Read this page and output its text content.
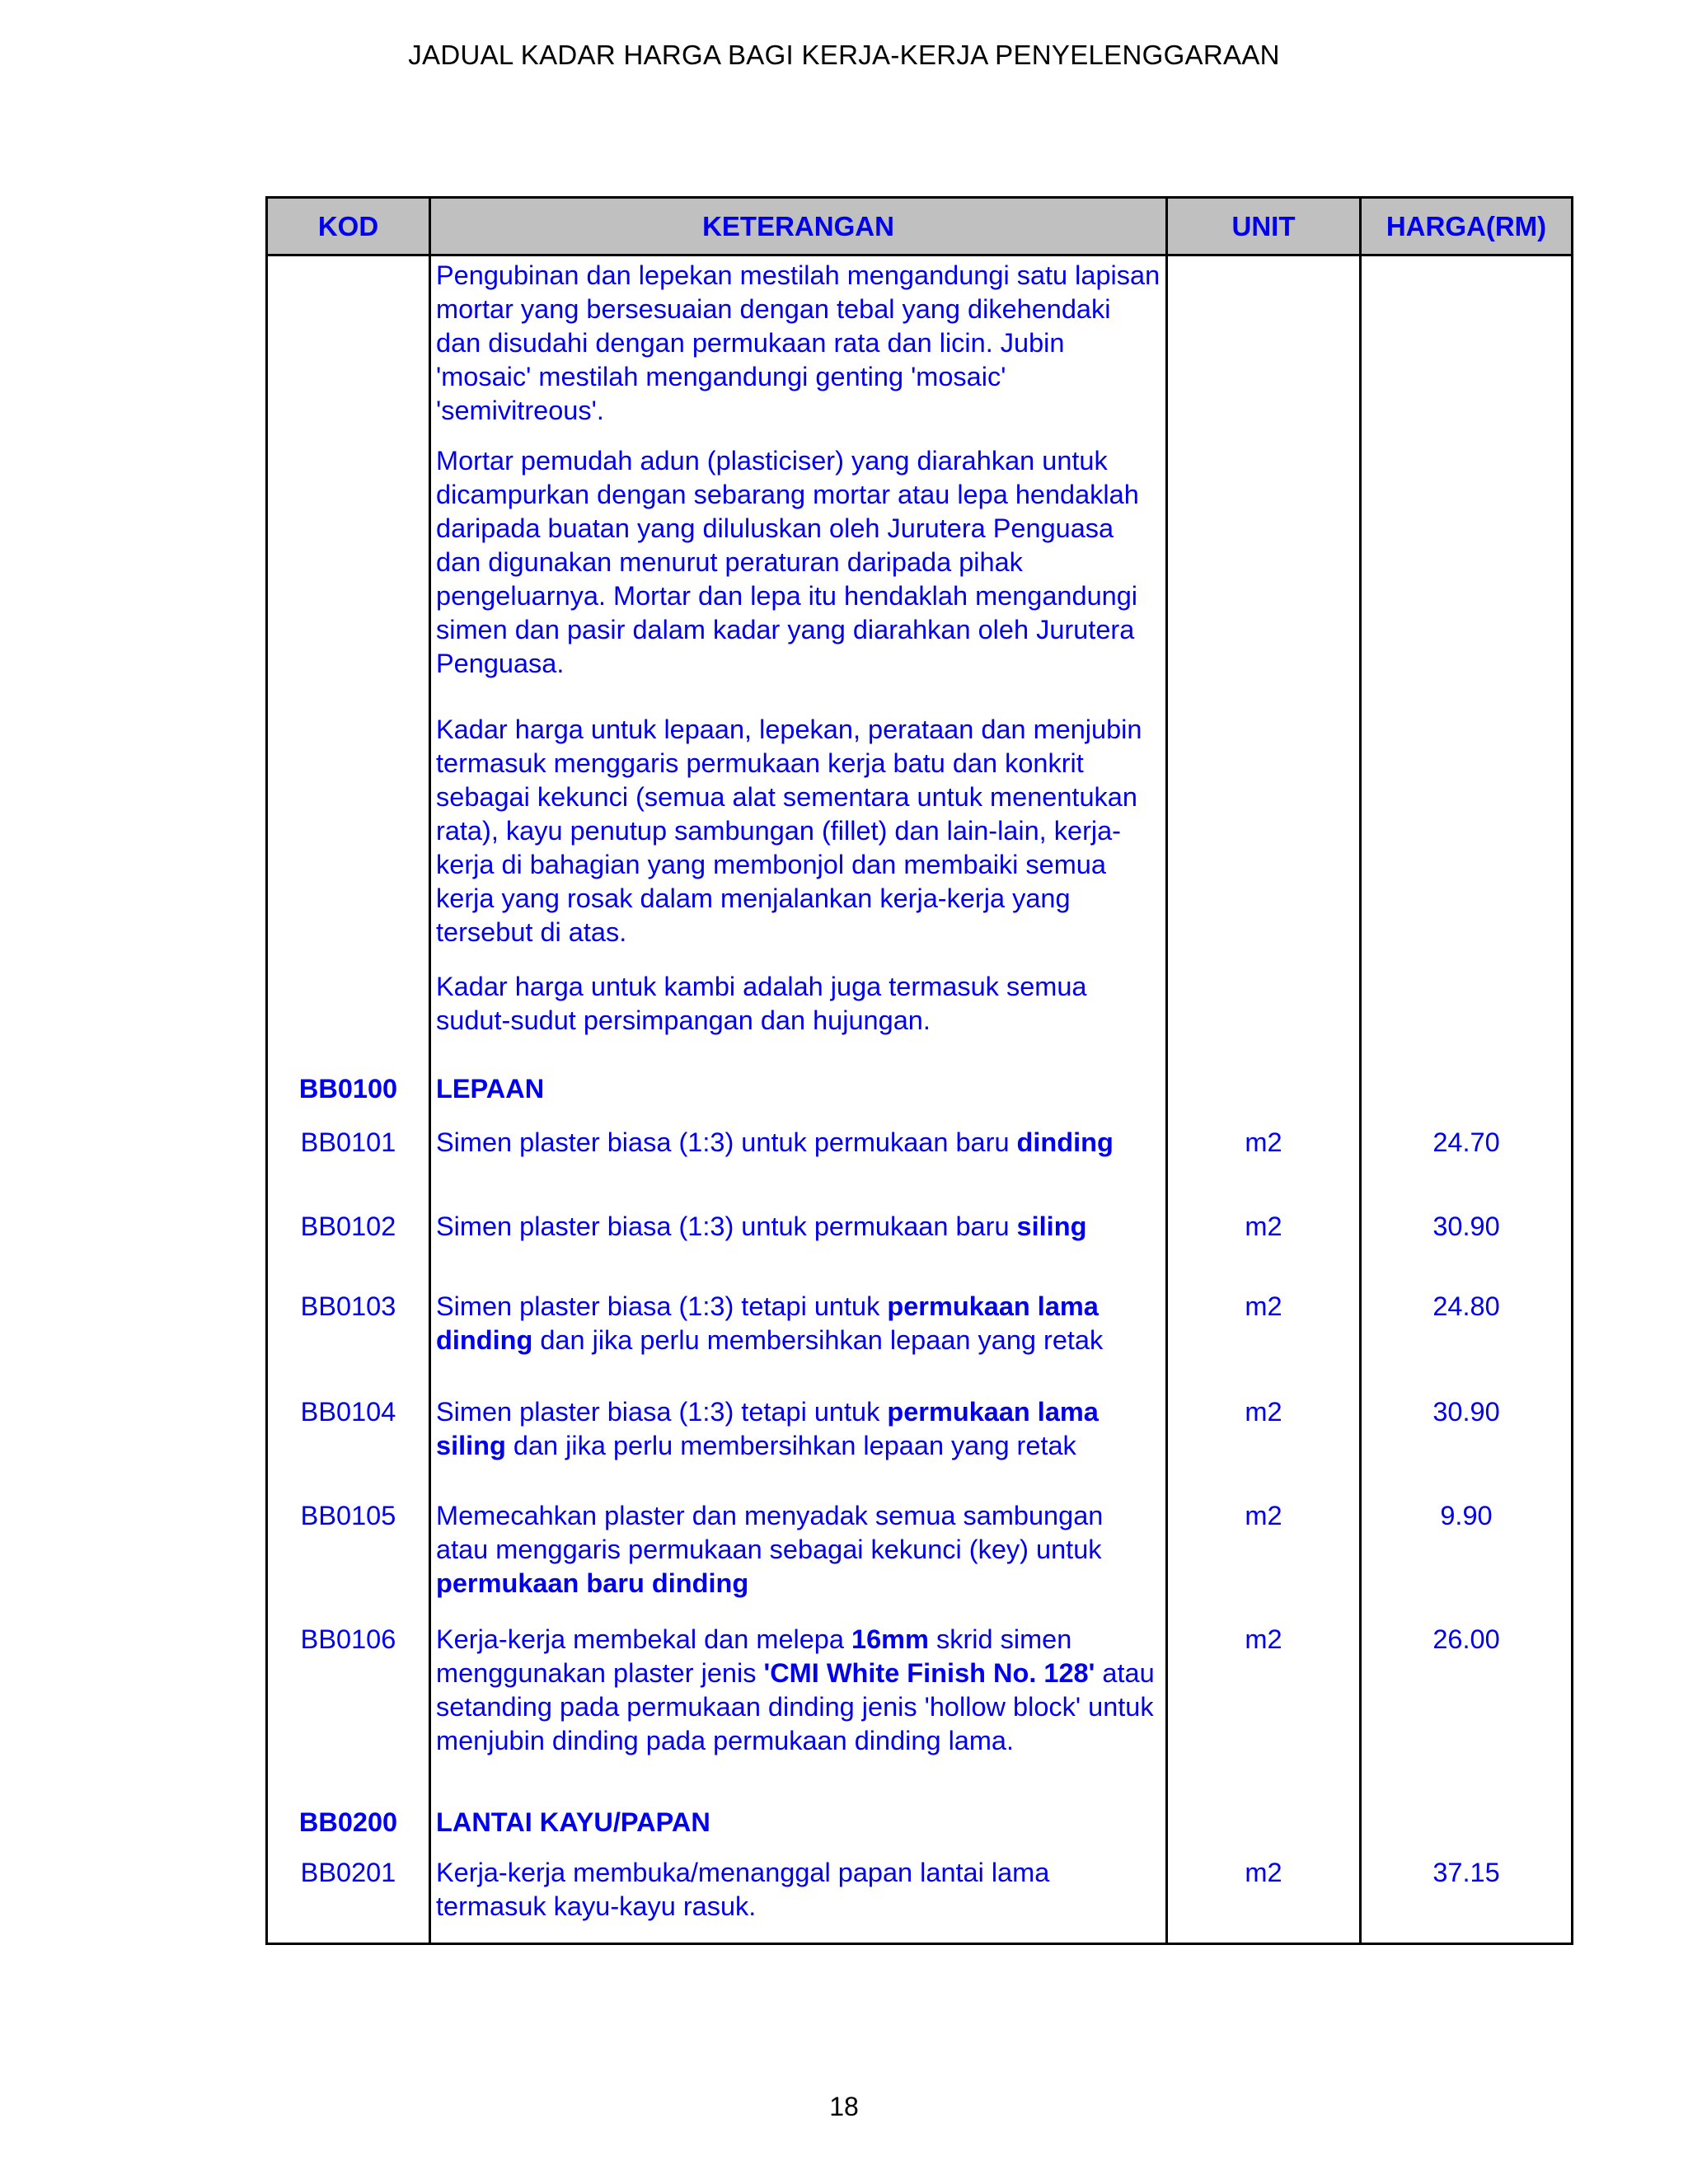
JADUAL KADAR HARGA BAGI KERJA-KERJA PENYELENGGARAAN
KOD	KETERANGAN	UNIT	HARGA(RM)

	Pengubinan dan lepekan mestilah mengandungi satu lapisan mortar yang bersesuaian dengan tebal yang dikehendaki dan disudahi dengan permukaan rata dan licin. Jubin 'mosaic' mestilah mengandungi genting 'mosaic' 'semivitreous'.
Mortar pemudah adun (plasticiser) yang diarahkan untuk dicampurkan dengan sebarang mortar atau lepa hendaklah daripada buatan yang diluluskan oleh Jurutera Penguasa dan digunakan menurut peraturan daripada pihak pengeluarnya. Mortar dan lepa itu hendaklah mengandungi simen dan pasir dalam kadar yang diarahkan oleh Jurutera Penguasa.
Kadar harga untuk lepaan, lepekan, perataan dan menjubin termasuk menggaris permukaan kerja batu dan konkrit sebagai kekunci (semua alat sementara untuk menentukan rata), kayu penutup sambungan (fillet) dan lain-lain, kerja-kerja di bahagian yang membonjol dan membaiki semua kerja yang rosak dalam menjalankan kerja-kerja yang tersebut di atas.
Kadar harga untuk kambi adalah juga termasuk semua sudut-sudut persimpangan dan hujungan.		

BB0100	LEPAAN		
BB0101	Simen plaster biasa (1:3) untuk permukaan baru dinding	m2	24.70
BB0102	Simen plaster biasa (1:3) untuk permukaan baru siling	m2	30.90
BB0103	Simen plaster biasa (1:3) tetapi untuk permukaan lama dinding dan jika perlu membersihkan lepaan yang retak	m2	24.80
BB0104	Simen plaster biasa (1:3) tetapi untuk permukaan lama siling dan jika perlu membersihkan lepaan yang retak	m2	30.90
BB0105	Memecahkan plaster dan menyadak semua sambungan atau menggaris permukaan sebagai kekunci (key) untuk permukaan baru dinding	m2	9.90
BB0106	Kerja-kerja membekal dan melepa 16mm skrid simen menggunakan plaster jenis 'CMI White Finish No. 128' atau setanding pada permukaan dinding jenis 'hollow block' untuk menjubin dinding pada permukaan dinding lama.	m2	26.00
BB0200	LANTAI KAYU/PAPAN		
BB0201	Kerja-kerja membuka/menanggal papan lantai lama termasuk kayu-kayu rasuk.	m2	37.15
18
